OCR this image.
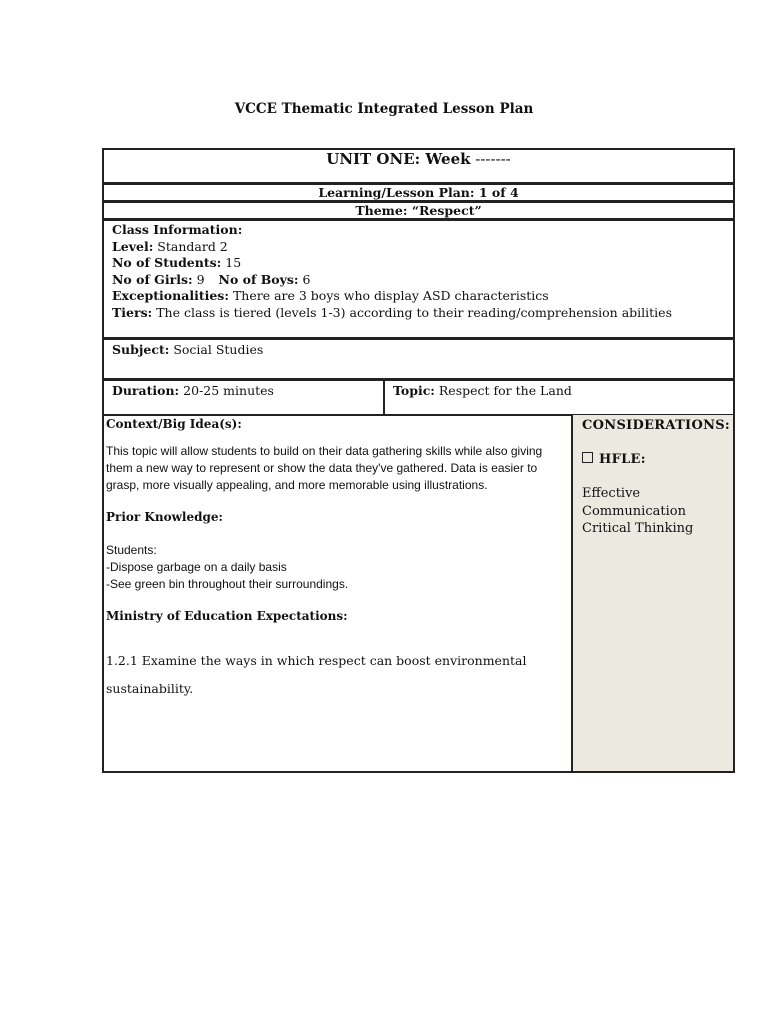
VCCE Thematic Integrated Lesson Plan
UNIT ONE: Week -------
Learning/Lesson Plan: 1 of 4
Theme: “Respect”
Class Information:
Level: Standard 2
No of Students: 15
No of Girls: 9 No of Boys: 6
Exceptionalities: There are 3 boys who display ASD characteristics
Tiers: The class is tiered (levels 1-3) according to their reading/comprehension abilities
Subject: Social Studies
Duration: 20-25 minutes	Topic: Respect for the Land
Context/Big Idea(s):
This topic will allow students to build on their data gathering skills while also giving them a new way to represent or show the data they've gathered. Data is easier to grasp, more visually appealing, and more memorable using illustrations.
Prior Knowledge:
Students:
-Dispose garbage on a daily basis
-See green bin throughout their surroundings.
Ministry of Education Expectations:
1.2.1 Examine the ways in which respect can boost environmental
sustainability.
CONSIDERATIONS:
HFLE:
Effective
Communication
Critical Thinking
